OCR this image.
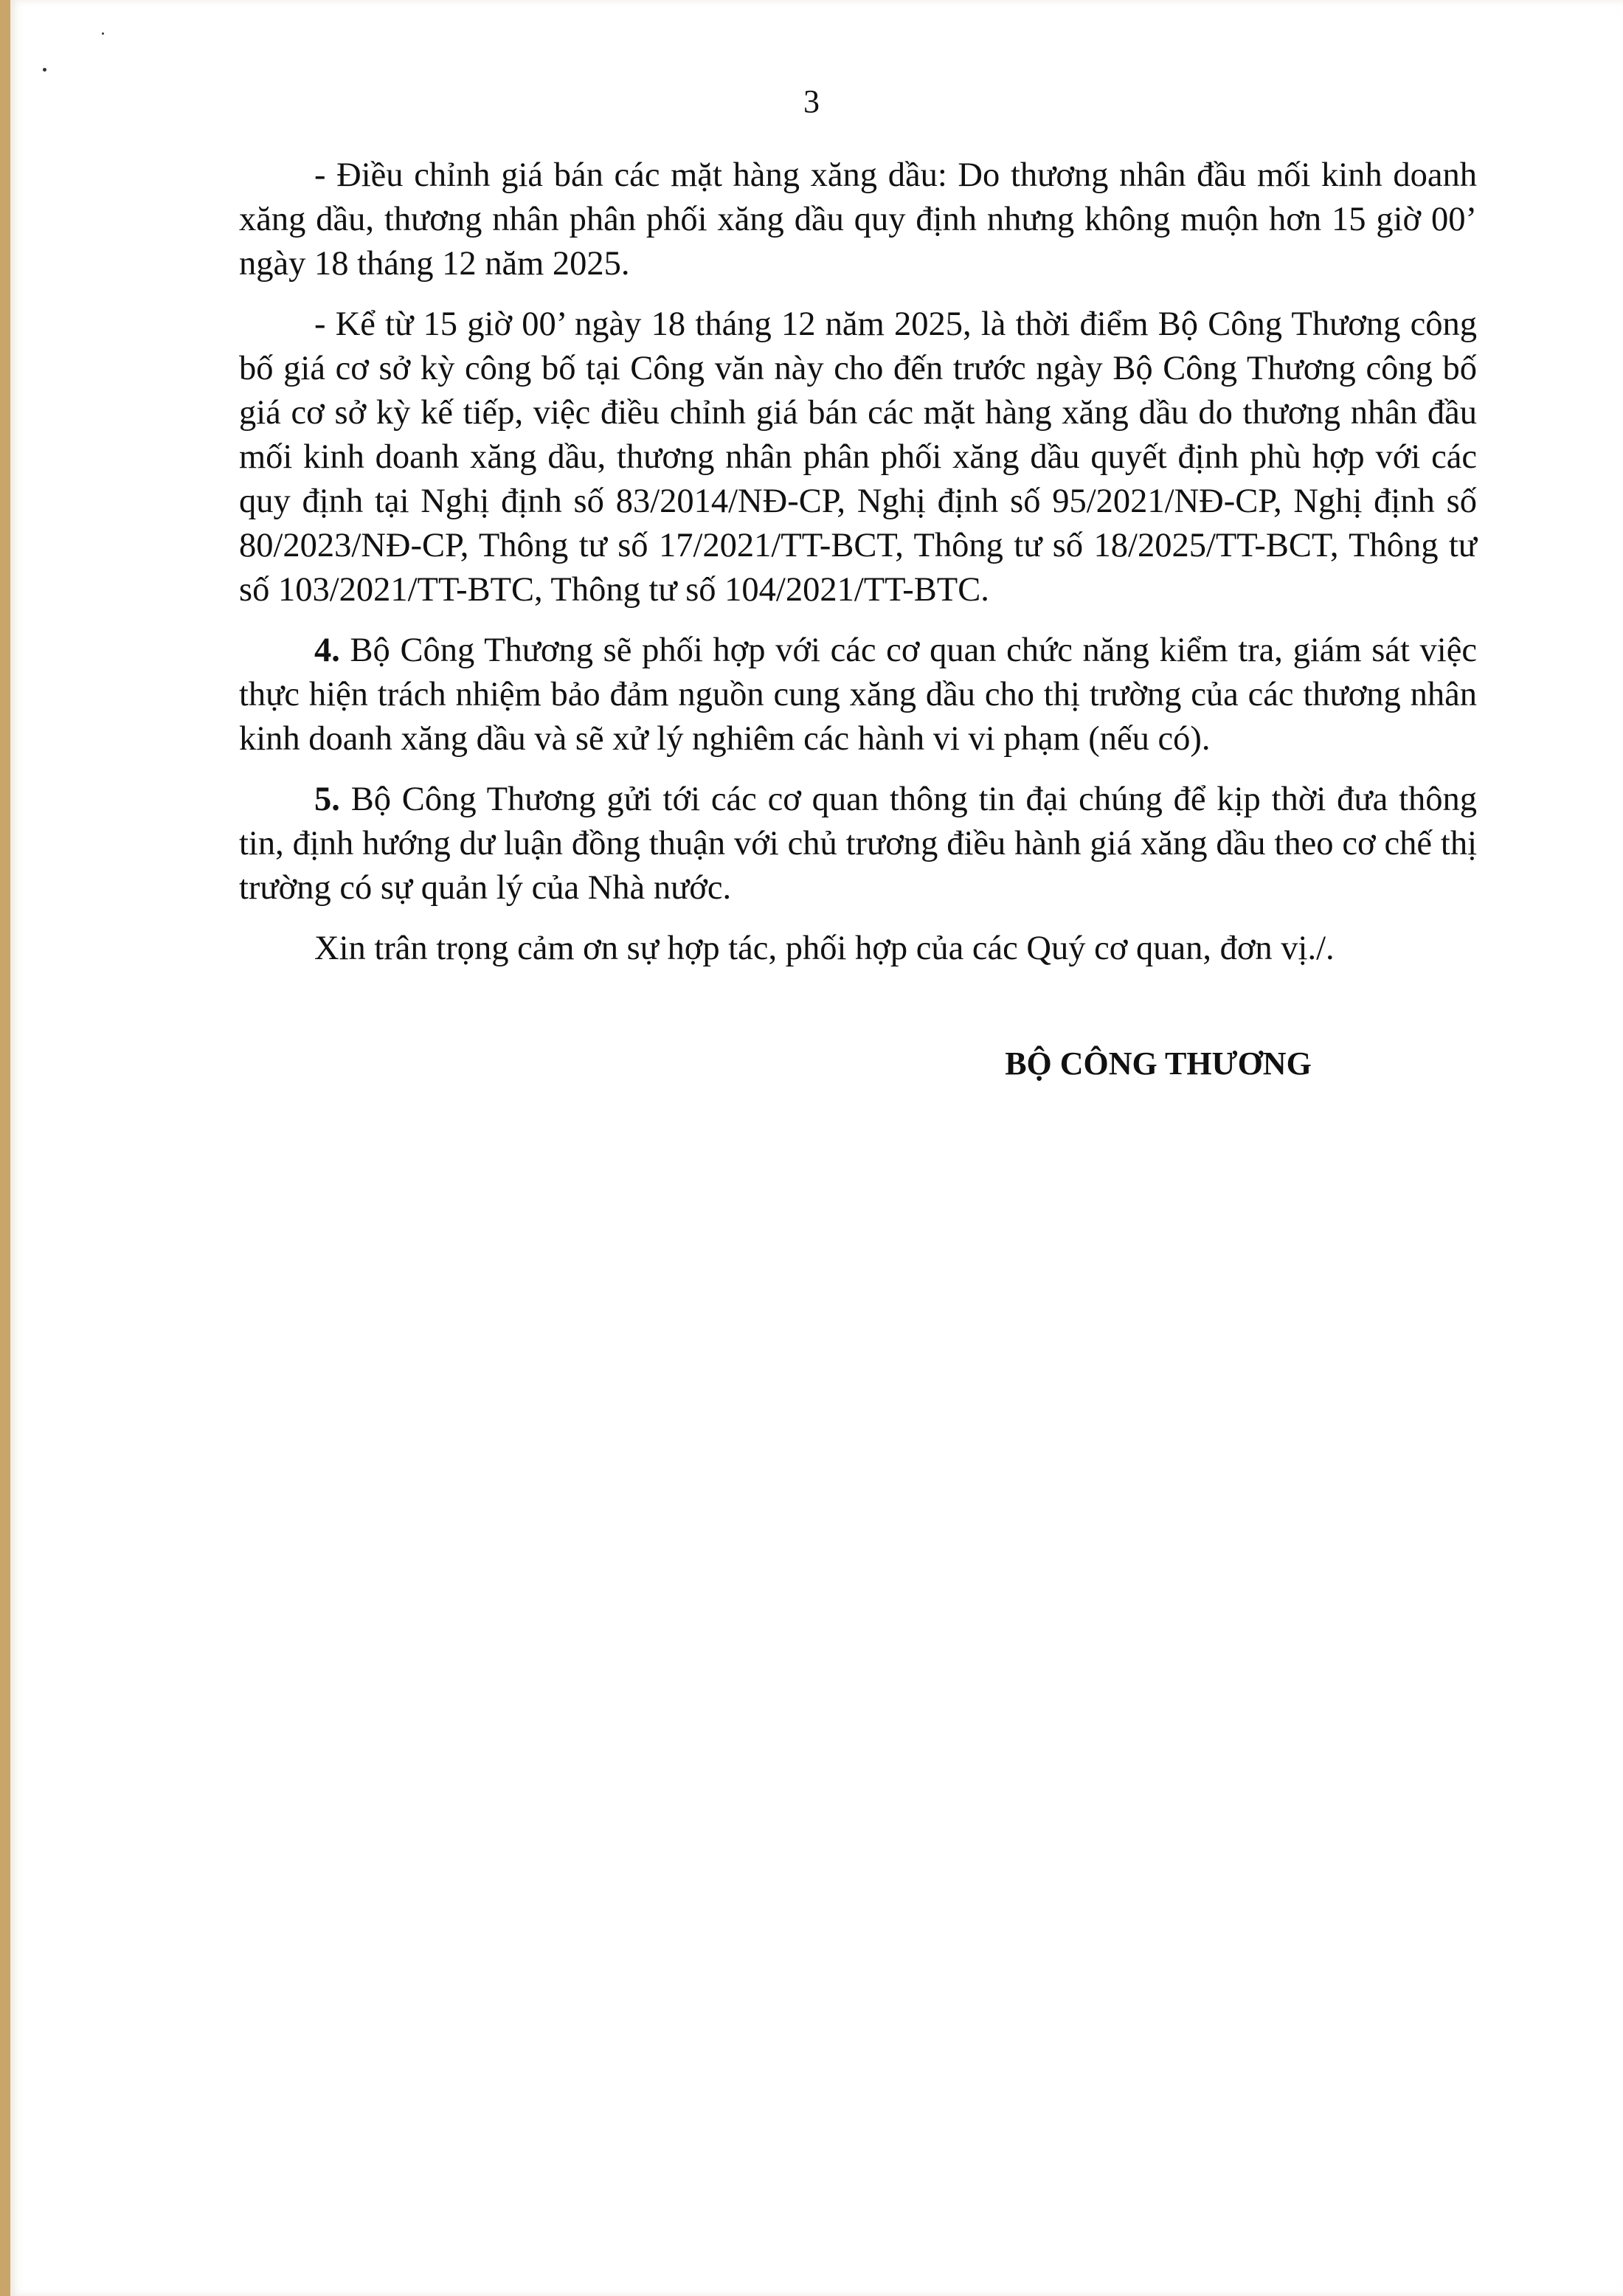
3

- Điều chỉnh giá bán các mặt hàng xăng dầu: Do thương nhân đầu mối kinh doanh xăng dầu, thương nhân phân phối xăng dầu quy định nhưng không muộn hơn 15 giờ 00’ ngày 18 tháng 12 năm 2025.

- Kể từ 15 giờ 00’ ngày 18 tháng 12 năm 2025, là thời điểm Bộ Công Thương công bố giá cơ sở kỳ công bố tại Công văn này cho đến trước ngày Bộ Công Thương công bố giá cơ sở kỳ kế tiếp, việc điều chỉnh giá bán các mặt hàng xăng dầu do thương nhân đầu mối kinh doanh xăng dầu, thương nhân phân phối xăng dầu quyết định phù hợp với các quy định tại Nghị định số 83/2014/NĐ-CP, Nghị định số 95/2021/NĐ-CP, Nghị định số 80/2023/NĐ-CP, Thông tư số 17/2021/TT-BCT, Thông tư số 18/2025/TT-BCT, Thông tư số 103/2021/TT-BTC, Thông tư số 104/2021/TT-BTC.

4. Bộ Công Thương sẽ phối hợp với các cơ quan chức năng kiểm tra, giám sát việc thực hiện trách nhiệm bảo đảm nguồn cung xăng dầu cho thị trường của các thương nhân kinh doanh xăng dầu và sẽ xử lý nghiêm các hành vi vi phạm (nếu có).

5. Bộ Công Thương gửi tới các cơ quan thông tin đại chúng để kịp thời đưa thông tin, định hướng dư luận đồng thuận với chủ trương điều hành giá xăng dầu theo cơ chế thị trường có sự quản lý của Nhà nước.

Xin trân trọng cảm ơn sự hợp tác, phối hợp của các Quý cơ quan, đơn vị./.

BỘ CÔNG THƯƠNG
